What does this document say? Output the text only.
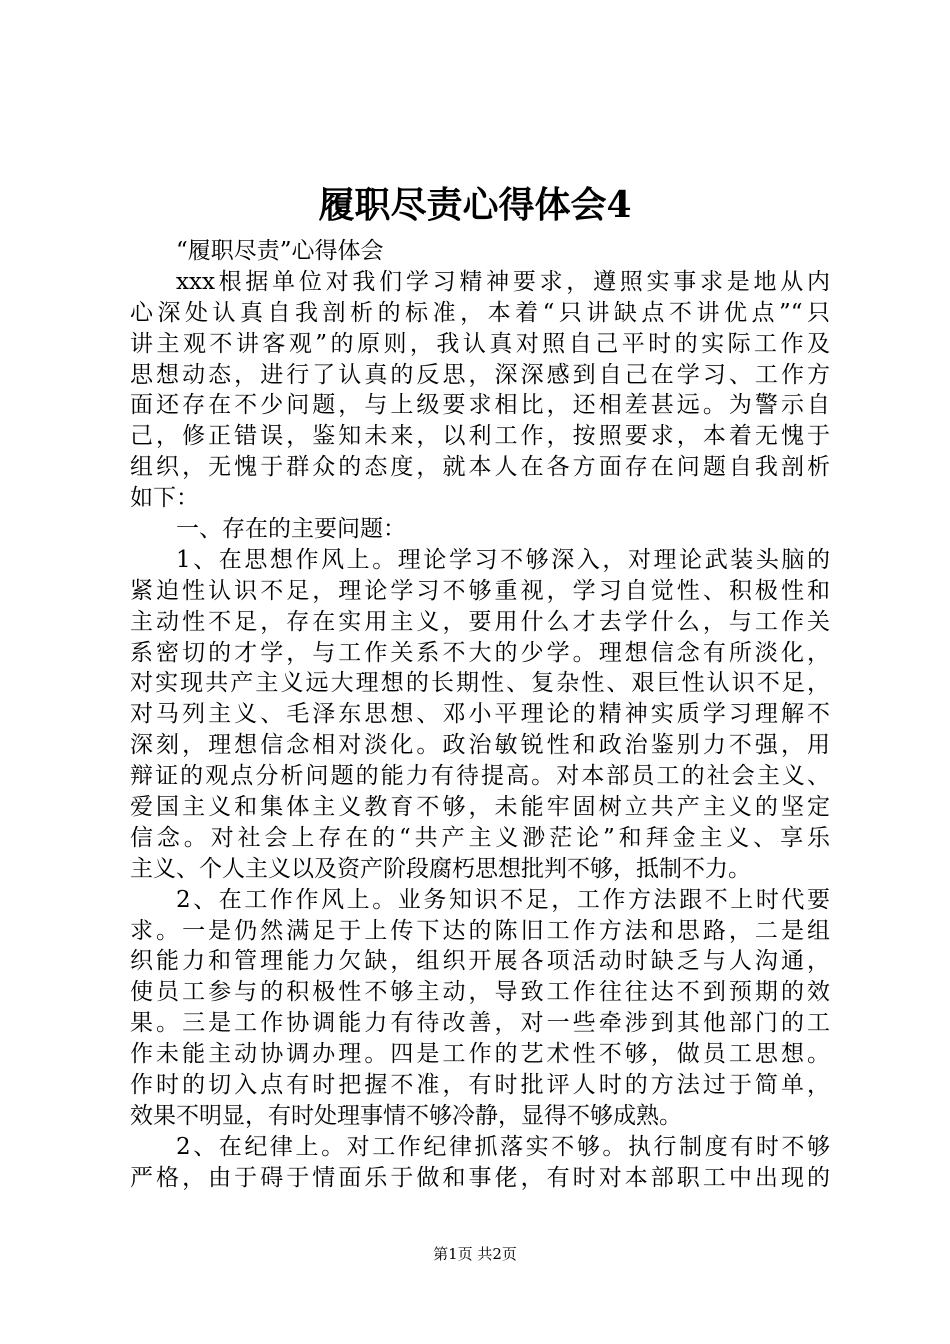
履职尽责心得体会4
“履职尽责”心得体会
xxx根据单位对我们学习精神要求，遵照实事求是地从内
心深处认真自我剖析的标准，本着“只讲缺点不讲优点”“只
讲主观不讲客观”的原则，我认真对照自己平时的实际工作及
思想动态，进行了认真的反思，深深感到自己在学习、工作方
面还存在不少问题，与上级要求相比，还相差甚远。为警示自
己，修正错误，鉴知未来，以利工作，按照要求，本着无愧于
组织，无愧于群众的态度，就本人在各方面存在问题自我剖析
如下：
一、存在的主要问题：
1、在思想作风上。理论学习不够深入，对理论武装头脑的
紧迫性认识不足，理论学习不够重视，学习自觉性、积极性和
主动性不足，存在实用主义，要用什么才去学什么，与工作关
系密切的才学，与工作关系不大的少学。理想信念有所淡化，
对实现共产主义远大理想的长期性、复杂性、艰巨性认识不足，
对马列主义、毛泽东思想、邓小平理论的精神实质学习理解不
深刻，理想信念相对淡化。政治敏锐性和政治鉴别力不强，用
辩证的观点分析问题的能力有待提高。对本部员工的社会主义、
爱国主义和集体主义教育不够，未能牢固树立共产主义的坚定
信念。对社会上存在的“共产主义渺茫论”和拜金主义、享乐
主义、个人主义以及资产阶段腐朽思想批判不够，抵制不力。
2、在工作作风上。业务知识不足，工作方法跟不上时代要
求。一是仍然满足于上传下达的陈旧工作方法和思路，二是组
织能力和管理能力欠缺，组织开展各项活动时缺乏与人沟通，
使员工参与的积极性不够主动，导致工作往往达不到预期的效
果。三是工作协调能力有待改善，对一些牵涉到其他部门的工
作未能主动协调办理。四是工作的艺术性不够，做员工思想。
作时的切入点有时把握不准，有时批评人时的方法过于简单，
效果不明显，有时处理事情不够冷静，显得不够成熟。
2、在纪律上。对工作纪律抓落实不够。执行制度有时不够
严格，由于碍于情面乐于做和事佬，有时对本部职工中出现的
第1页 共2页
